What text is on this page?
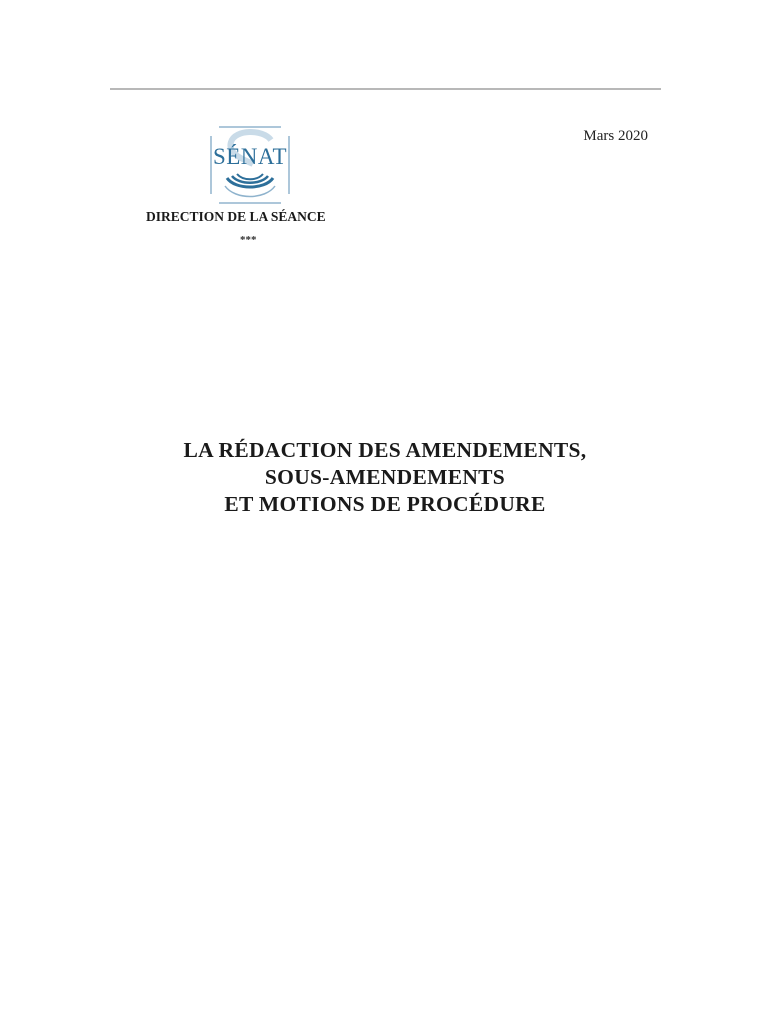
Mars 2020
SÉNAT
DIRECTION DE LA SÉANCE
***
LA RÉDACTION DES AMENDEMENTS,
SOUS-AMENDEMENTS
ET MOTIONS DE PROCÉDURE
